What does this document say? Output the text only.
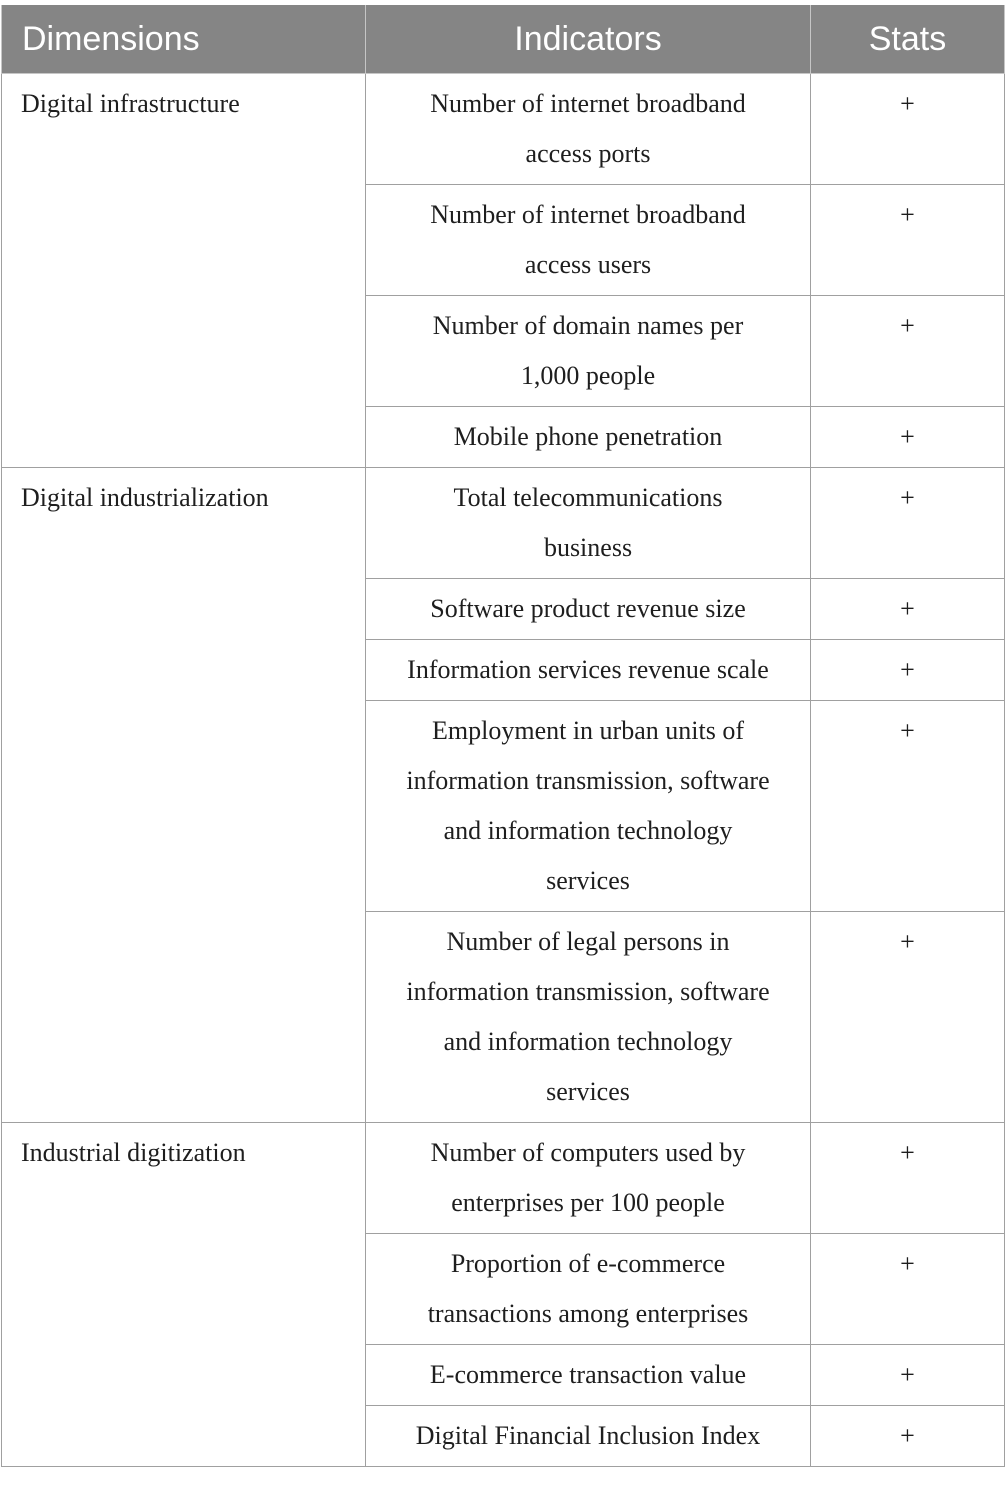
Dimensions	Indicators	Stats
Digital infrastructure	Number of internet broadband access ports	+
	Number of internet broadband access users	+
	Number of domain names per 1,000 people	+
	Mobile phone penetration	+
Digital industrialization	Total telecommunications business	+
	Software product revenue size	+
	Information services revenue scale	+
	Employment in urban units of information transmission, software and information technology services	+
	Number of legal persons in information transmission, software and information technology services	+
Industrial digitization	Number of computers used by enterprises per 100 people	+
	Proportion of e-commerce transactions among enterprises	+
	E-commerce transaction value	+
	Digital Financial Inclusion Index	+
